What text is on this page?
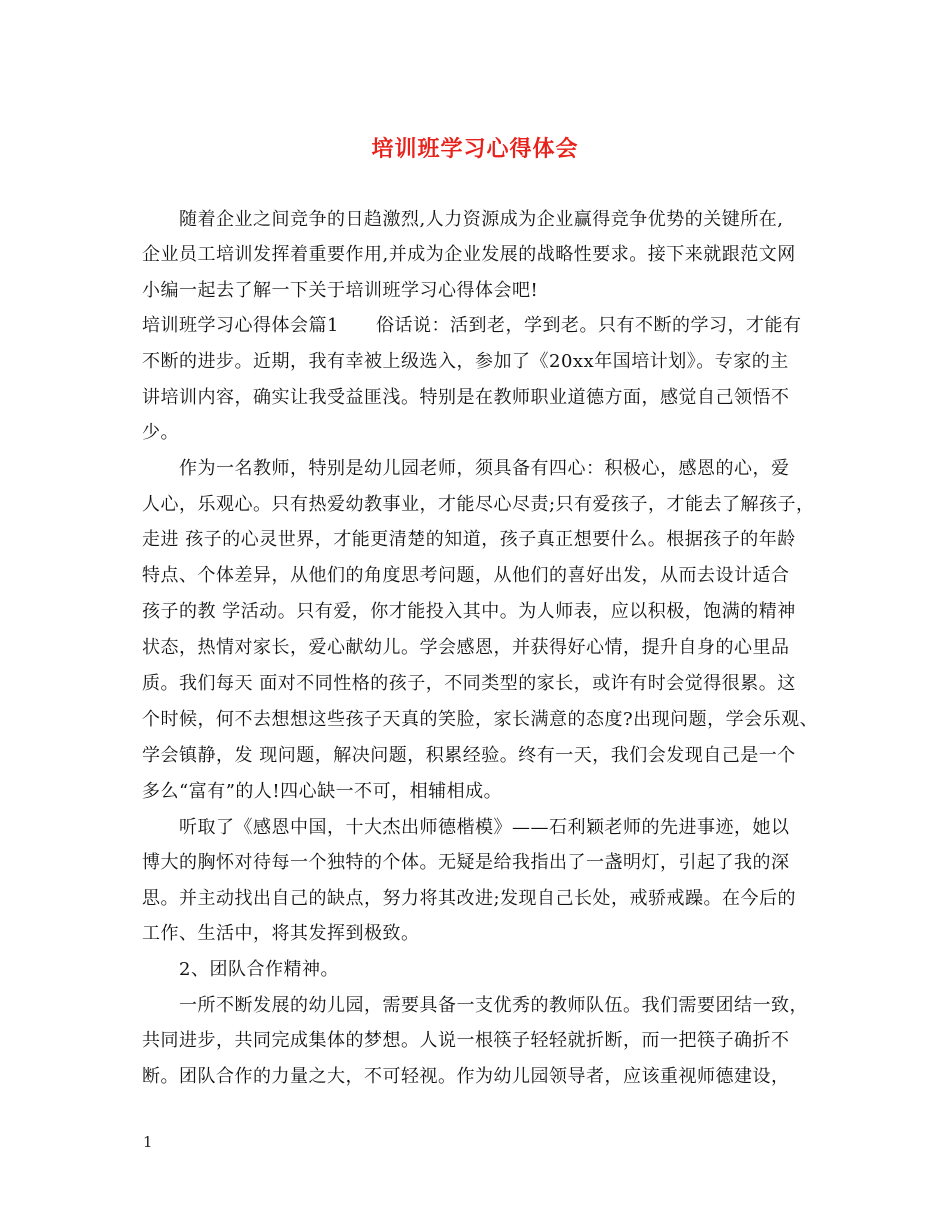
培训班学习心得体会
　　随着企业之间竞争的日趋激烈,人力资源成为企业赢得竞争优势的关键所在,
企业员工培训发挥着重要作用,并成为企业发展的战略性要求。接下来就跟范文网
小编一起去了解一下关于培训班学习心得体会吧!
培训班学习心得体会篇1　　俗话说：活到老，学到老。只有不断的学习，才能有
不断的进步。近期，我有幸被上级选入，参加了《20xx年国培计划》。专家的主
讲培训内容，确实让我受益匪浅。特别是在教师职业道德方面，感觉自己领悟不
少。
　　作为一名教师，特别是幼儿园老师，须具备有四心：积极心，感恩的心，爱
人心，乐观心。只有热爱幼教事业，才能尽心尽责;只有爱孩子，才能去了解孩子，
走进 孩子的心灵世界，才能更清楚的知道，孩子真正想要什么。根据孩子的年龄
特点、个体差异，从他们的角度思考问题，从他们的喜好出发，从而去设计适合
孩子的教 学活动。只有爱，你才能投入其中。为人师表，应以积极，饱满的精神
状态，热情对家长，爱心献幼儿。学会感恩，并获得好心情，提升自身的心里品
质。我们每天 面对不同性格的孩子，不同类型的家长，或许有时会觉得很累。这
个时候，何不去想想这些孩子天真的笑脸，家长满意的态度?出现问题，学会乐观、
学会镇静，发 现问题，解决问题，积累经验。终有一天，我们会发现自己是一个
多么“富有”的人!四心缺一不可，相辅相成。
　　听取了《感恩中国，十大杰出师德楷模》——石利颖老师的先进事迹，她以
博大的胸怀对待每一个独特的个体。无疑是给我指出了一盏明灯，引起了我的深
思。并主动找出自己的缺点，努力将其改进;发现自己长处，戒骄戒躁。在今后的
工作、生活中，将其发挥到极致。
　　2、团队合作精神。
　　一所不断发展的幼儿园，需要具备一支优秀的教师队伍。我们需要团结一致，
共同进步，共同完成集体的梦想。人说一根筷子轻轻就折断，而一把筷子确折不
断。团队合作的力量之大，不可轻视。作为幼儿园领导者，应该重视师德建设，
1
